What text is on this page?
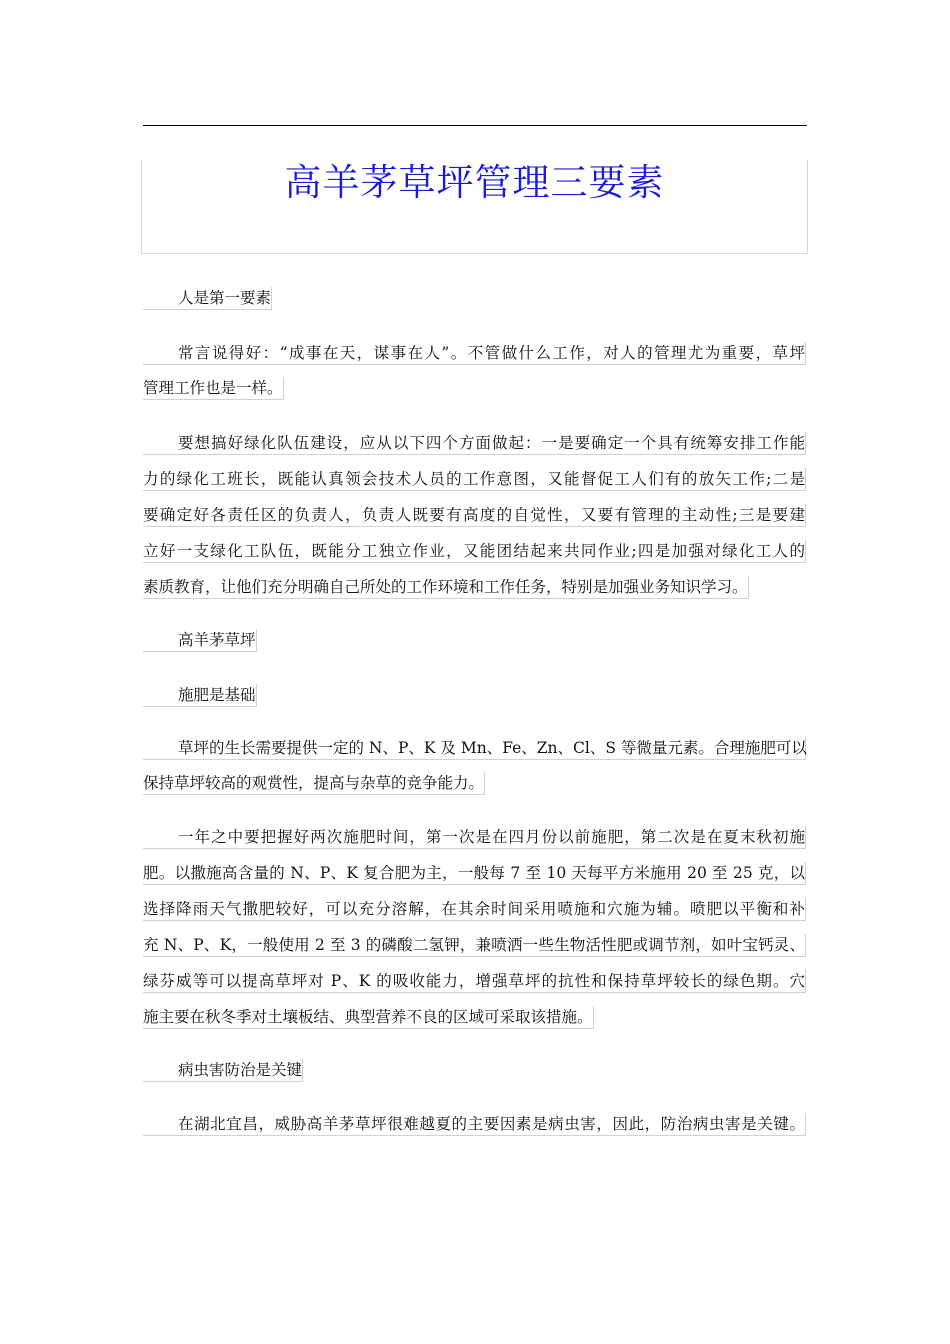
高羊茅草坪管理三要素
人是第一要素
常言说得好：“成事在天，谋事在人”。不管做什么工作，对人的管理尤为重要，草坪
管理工作也是一样。
要想搞好绿化队伍建设，应从以下四个方面做起：一是要确定一个具有统筹安排工作能
力的绿化工班长，既能认真领会技术人员的工作意图，又能督促工人们有的放矢工作;二是
要确定好各责任区的负责人，负责人既要有高度的自觉性，又要有管理的主动性;三是要建
立好一支绿化工队伍，既能分工独立作业，又能团结起来共同作业;四是加强对绿化工人的
素质教育，让他们充分明确自己所处的工作环境和工作任务，特别是加强业务知识学习。
高羊茅草坪
施肥是基础
草坪的生长需要提供一定的 N、P、K 及 Mn、Fe、Zn、Cl、S 等微量元素。合理施肥可以
保持草坪较高的观赏性，提高与杂草的竞争能力。
一年之中要把握好两次施肥时间，第一次是在四月份以前施肥，第二次是在夏末秋初施
肥。以撒施高含量的 N、P、K 复合肥为主，一般每 7 至 10 天每平方米施用 20 至 25 克，以
选择降雨天气撒肥较好，可以充分溶解，在其余时间采用喷施和穴施为辅。喷肥以平衡和补
充 N、P、K，一般使用 2 至 3 的磷酸二氢钾，兼喷洒一些生物活性肥或调节剂，如叶宝钙灵、
绿芬威等可以提高草坪对 P、K 的吸收能力，增强草坪的抗性和保持草坪较长的绿色期。穴
施主要在秋冬季对土壤板结、典型营养不良的区域可采取该措施。
病虫害防治是关键
在湖北宜昌，威胁高羊茅草坪很难越夏的主要因素是病虫害，因此，防治病虫害是关键。
